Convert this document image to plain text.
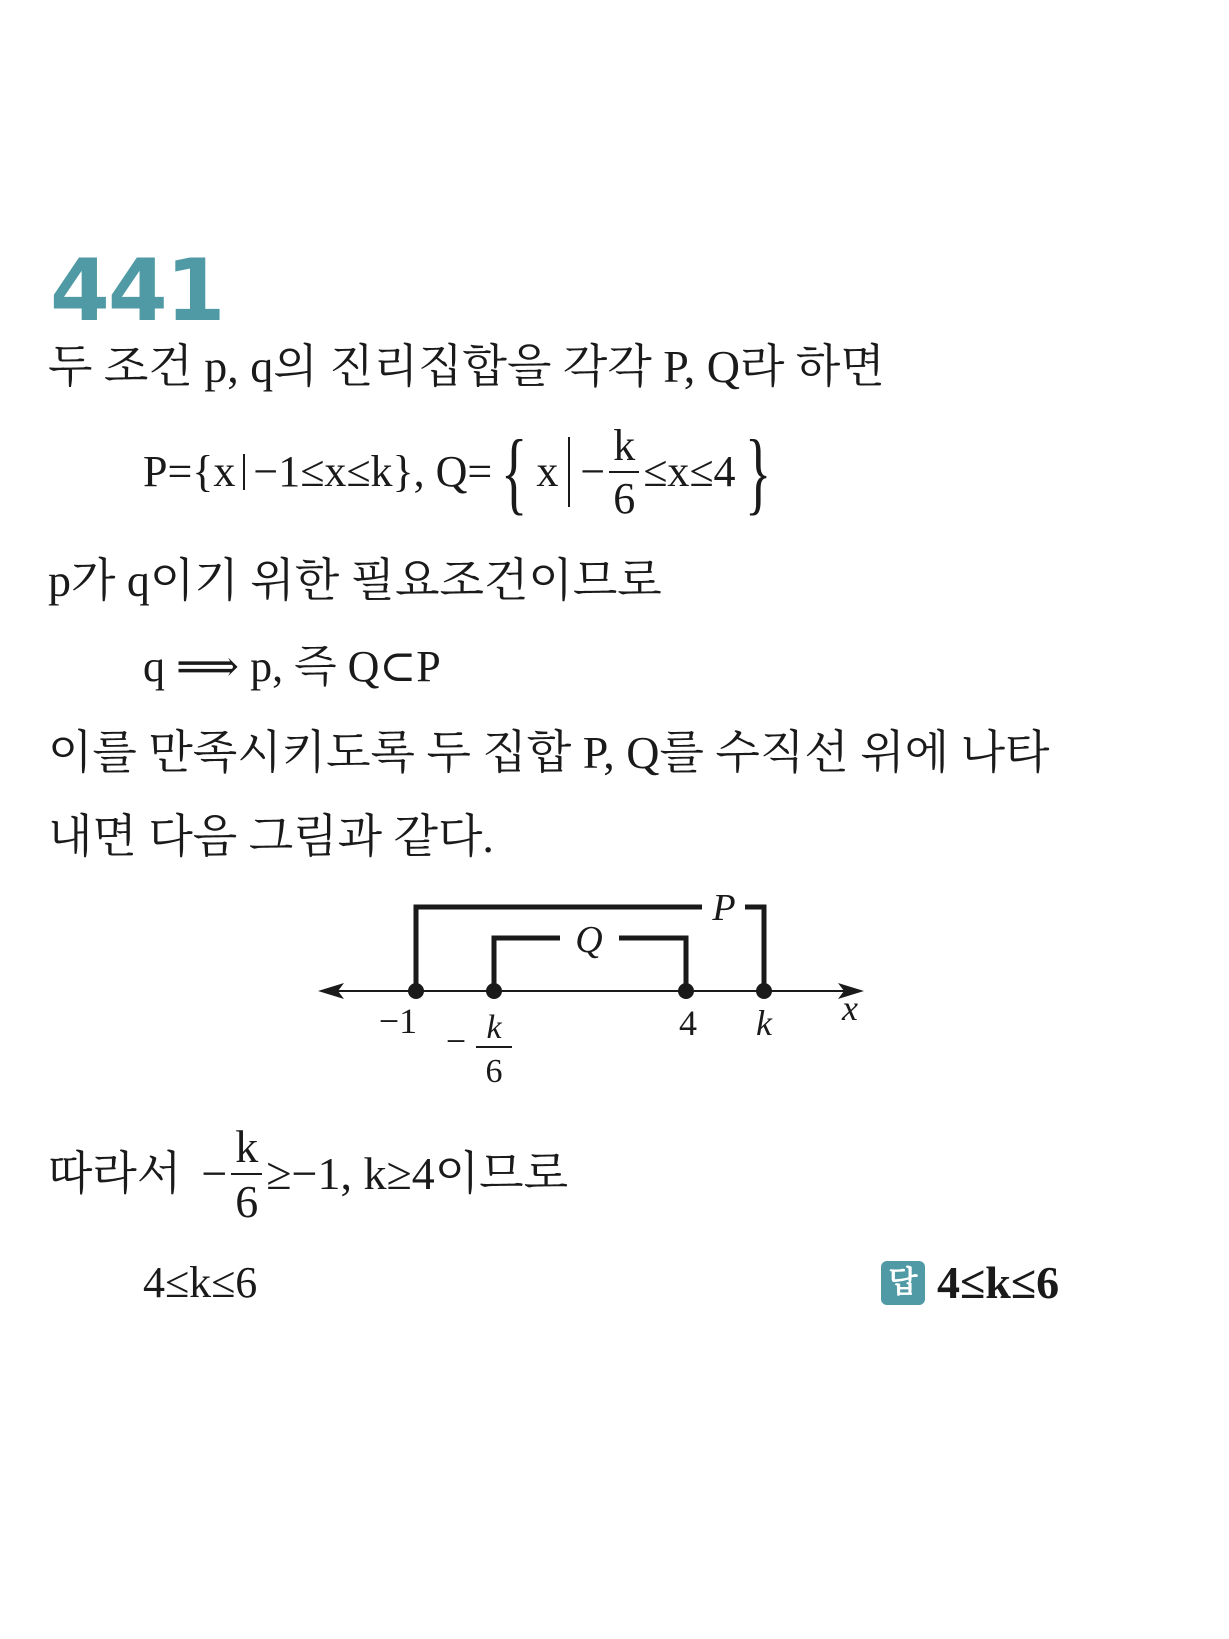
441
두 조건 p, q의 진리집합을 각각 P, Q라 하면
P={x −1≤x≤k}, Q= { $x - \frac{k}{6} \le x\le 4$ }
p가 q이기 위한 필요조건이므로
q ⟹ p, 즉 Q⊂P
이를 만족시키도록 두 집합 P, Q를 수직선 위에 나타
내면 다음 그림과 같다.
P
Q
x
−1 − k
6
4 k
따라서 − $\frac{k}{6} \ge-1$, k≥4이므로
4≤k≤6	답 4≤k≤6
